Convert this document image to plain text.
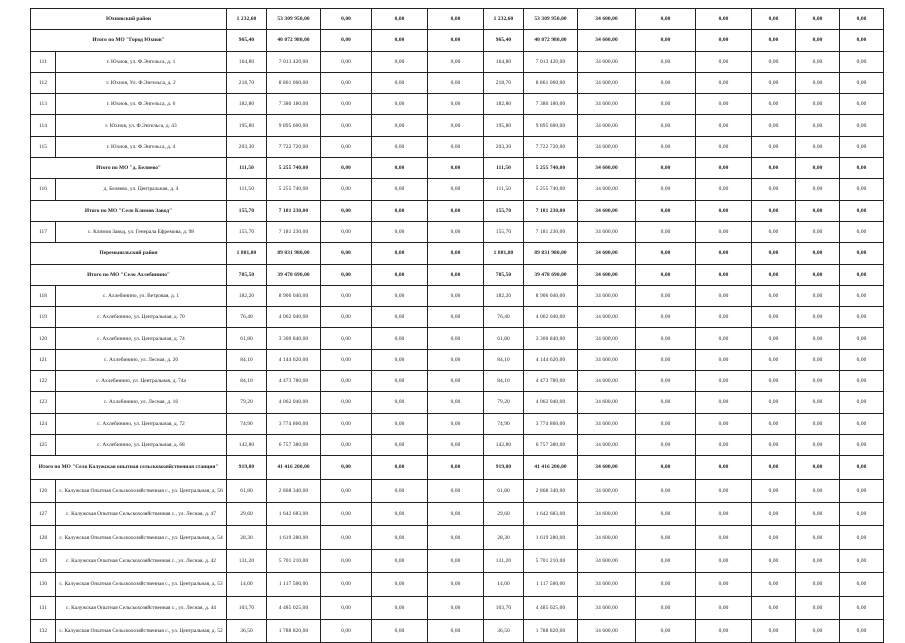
Юхновский район		1 232,60	53 309 950,00	0,00	0,00	0,00	1 232,60	53 309 950,00	34 600,00	0,00	0,00	0,00	0,00	0,00
Итого по МО "Город Юхнов"		965,40	40 872 980,00	0,00	0,00	0,00	965,40	40 872 980,00	34 600,00	0,00	0,00	0,00	0,00	0,00
111	г. Юхнов, ул. Ф.Энгельса, д. 1	164,80	7 013 420,00	0,00	0,00	0,00	164,80	7 013 420,00	34 600,00	0,00	0,00	0,00	0,00	0,00
112	г. Юхнов, Ул. Ф.Энгельса, д. 2	218,70	8 861 060,00	0,00	0,00	0,00	218,70	8 861 060,00	34 600,00	0,00	0,00	0,00	0,00	0,00
113	г. Юхнов, ул. Ф.Энгельса, д. 6	182,80	7 380 180,00	0,00	0,00	0,00	182,80	7 380 180,00	34 600,00	0,00	0,00	0,00	0,00	0,00
114	г. Юхнов, ул. Ф.Энгельса, д. 43	195,80	9 895 600,00	0,00	0,00	0,00	195,80	9 895 600,00	34 600,00	0,00	0,00	0,00	0,00	0,00
115	г. Юхнов, ул. Ф.Энгельса, д. 4	203,30	7 722 720,00	0,00	0,00	0,00	203,30	7 722 720,00	34 600,00	0,00	0,00	0,00	0,00	0,00
Итого по МО "д. Беляево"		111,50	5 255 740,00	0,00	0,00	0,00	111,50	5 255 740,00	34 600,00	0,00	0,00	0,00	0,00	0,00
116	д. Беляево, ул. Центральная, д. 4	111,50	5 255 740,00	0,00	0,00	0,00	111,50	5 255 740,00	34 600,00	0,00	0,00	0,00	0,00	0,00
Итого по МО "Село Климов Завод"		155,70	7 181 230,00	0,00	0,00	0,00	155,70	7 181 230,00	34 600,00	0,00	0,00	0,00	0,00	0,00
117	с. Климов Завод, ул. Генерала Ефремова, д. 98	155,70	7 181 230,00	0,00	0,00	0,00	155,70	7 181 230,00	34 600,00	0,00	0,00	0,00	0,00	0,00
Перемышльский район		1 881,80	89 831 980,00	0,00	0,00	0,00	1 881,80	89 831 980,00	34 600,00	0,00	0,00	0,00	0,00	0,00
Итого по МО "Село Ахлебинино"		785,50	39 478 690,00	0,00	0,00	0,00	785,50	39 478 690,00	34 600,00	0,00	0,00	0,00	0,00	0,00
118	с. Ахлебинино, ул. Ветровая, д. 1	182,20	8 906 040,00	0,00	0,00	0,00	182,20	8 906 040,00	34 600,00	0,00	0,00	0,00	0,00	0,00
119	с. Ахлебинино, ул. Центральная, д. 70	76,40	4 062 040,00	0,00	0,00	0,00	76,40	4 062 040,00	34 600,00	0,00	0,00	0,00	0,00	0,00
120	с. Ахлебинино, ул. Центральная, д. 74	61,80	3 300 840,00	0,00	0,00	0,00	61,80	3 300 840,00	34 600,00	0,00	0,00	0,00	0,00	0,00
121	с. Ахлебинино, ул. Лесная, д. 20	84,10	4 144 620,00	0,00	0,00	0,00	84,10	4 144 620,00	34 600,00	0,00	0,00	0,00	0,00	0,00
122	с. Ахлебинино, ул. Центральная, д. 74а	84,10	4 473 780,00	0,00	0,00	0,00	84,10	4 473 780,00	34 600,00	0,00	0,00	0,00	0,00	0,00
123	с. Ахлебинино, ул. Лесная, д. 16	79,20	4 062 040,00	0,00	0,00	0,00	79,20	4 062 040,00	34 600,00	0,00	0,00	0,00	0,00	0,00
124	с. Ахлебинино, ул. Центральная, д. 72	74,90	3 774 860,00	0,00	0,00	0,00	74,90	3 774 860,00	34 600,00	0,00	0,00	0,00	0,00	0,00
125	с. Ахлебинино, ул. Центральная, д. 68	142,80	6 757 380,00	0,00	0,00	0,00	142,80	6 757 380,00	34 600,00	0,00	0,00	0,00	0,00	0,00
Итого по МО "Село Калужская опытная сельскохозяйственная станция"		919,80	41 416 200,00	0,00	0,00	0,00	919,80	41 416 200,00	34 600,00	0,00	0,00	0,00	0,00	0,00
126	с. Калужская Опытная Сельскохозяйственная с., ул. Центральная, д. 56	61,80	2 868 340,00	0,00	0,00	0,00	61,80	2 868 340,00	34 600,00	0,00	0,00	0,00	0,00	0,00
127	с. Калужская Опытная Сельскохозяйственная с., ул. Лесная, д. 47	29,60	1 642 683,00	0,00	0,00	0,00	29,60	1 642 683,00	34 600,00	0,00	0,00	0,00	0,00	0,00
128	с. Калужская Опытная Сельскохозяйственная с., ул. Центральная, д. 54	28,30	1 619 280,00	0,00	0,00	0,00	28,30	1 619 280,00	34 600,00	0,00	0,00	0,00	0,00	0,00
129	с. Калужская Опытная Сельскохозяйственная с., ул. Лесная, д. 42	131,20	5 701 210,00	0,00	0,00	0,00	131,20	5 701 210,00	34 600,00	0,00	0,00	0,00	0,00	0,00
130	с. Калужская Опытная Сельскохозяйственная с., ул. Центральная, д. 53	14,00	1 117 580,00	0,00	0,00	0,00	14,00	1 117 580,00	34 600,00	0,00	0,00	0,00	0,00	0,00
131	с. Калужская Опытная Сельскохозяйственная с., ул. Лесная, д. 44	103,70	4 485 025,00	0,00	0,00	0,00	103,70	4 485 025,00	34 600,00	0,00	0,00	0,00	0,00	0,00
132	с. Калужская Опытная Сельскохозяйственная с., ул. Центральная, д. 52	36,50	1 788 820,00	0,00	0,00	0,00	36,50	1 788 820,00	34 600,00	0,00	0,00	0,00	0,00	0,00
